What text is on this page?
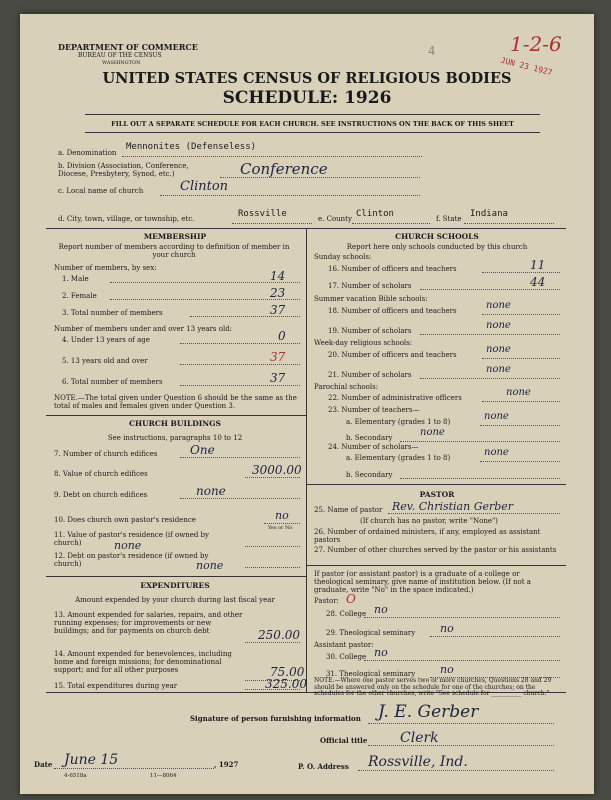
DEPARTMENT OF COMMERCE
BUREAU OF THE CENSUS
WASHINGTON
4
JUN 23 1927
1-2-6
UNITED STATES CENSUS OF RELIGIOUS BODIES
SCHEDULE: 1926
FILL OUT A SEPARATE SCHEDULE FOR EACH CHURCH. SEE INSTRUCTIONS ON THE BACK OF THIS SHEET
a. Denomination
Mennonites (Defenseless)
b. Division (Association, Conference, Diocese, Presbytery, Synod, etc.)	Conference
c. Local name of church	Clinton
d. City, town, village, or township, etc.	Rossville	e. County Clinton	f. State Indiana
MEMBERSHIP
Report number of members according to definition of member in your church
Number of members, by sex:
1. Male	14
2. Female	23
3. Total number of members	37
Number of members under and over 13 years old:
4. Under 13 years of age	0
5. 13 years old and over	37
6. Total number of members	37
NOTE.—The total given under Question 6 should be the same as the total of males and females given under Question 3.
CHURCH BUILDINGS
See instructions, paragraphs 10 to 12
7. Number of church edifices	One
8. Value of church edifices	3000.00
9. Debt on church edifices	none
10. Does church own pastor's residence	no
Yes or No
11. Value of pastor's residence (if owned by church)	none
12. Debt on pastor's residence (if owned by church)	none
EXPENDITURES
Amount expended by your church during last fiscal year
13. Amount expended for salaries, repairs, and other running expenses; for improvements or new buildings; and for payments on church debt	250.00
14. Amount expended for benevolences, including home and foreign missions; for denominational support; and for all other purposes	75.00
15. Total expenditures during year	325.00
CHURCH SCHOOLS
Report here only schools conducted by this church
Sunday schools:
16. Number of officers and teachers	11
17. Number of scholars	44
Summer vacation Bible schools:
18. Number of officers and teachers	none
19. Number of scholars	none
Week-day religious schools:
20. Number of officers and teachers	none
21. Number of scholars	none
Parochial schools:
22. Number of administrative officers	none
23. Number of teachers—
a. Elementary (grades 1 to 8)	none
b. Secondary	none
24. Number of scholars—
a. Elementary (grades 1 to 8)	none
b. Secondary
PASTOR
25. Name of pastor Rev. Christian Gerber
(If church has no pastor, write "None")
26. Number of ordained ministers, if any, employed as assistant pastors
27. Number of other churches served by the pastor or his assistants
If pastor (or assistant pastor) is a graduate of a college or theological seminary, give name of institution below. (If not a graduate, write "No" in the space indicated.)
Pastor: O
28. College no
29. Theological seminary no
Assistant pastor:
30. College no
31. Theological seminary no
NOTE.—Where one pastor serves two or more churches, Questions 28 and 29 should be answered only on the schedule for one of the churches; on the schedules for the other churches, write "See schedule for __________ church."
Signature of person furnishing information J. E. Gerber
Official title Clerk
Date June 15	, 1927	P. O. Address Rossville, Ind.
4-6518a	11—8064
